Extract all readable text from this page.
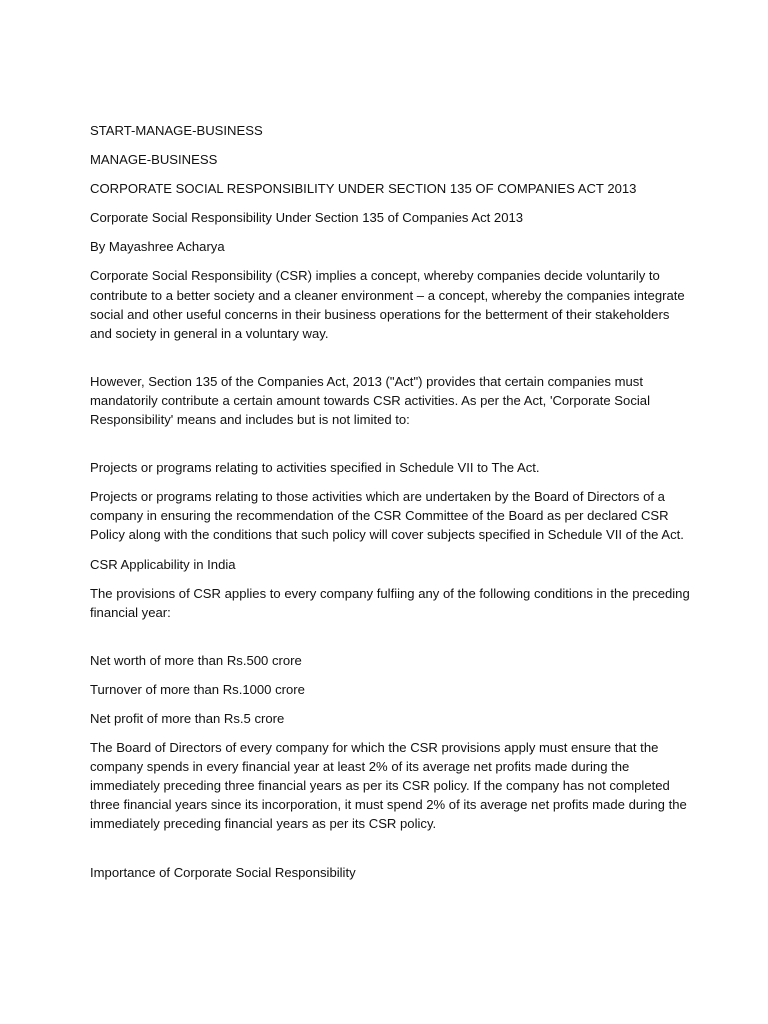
START-MANAGE-BUSINESS

MANAGE-BUSINESS

CORPORATE SOCIAL RESPONSIBILITY UNDER SECTION 135 OF COMPANIES ACT 2013

Corporate Social Responsibility Under Section 135 of Companies Act 2013

By Mayashree Acharya

Corporate Social Responsibility (CSR) implies a concept, whereby companies decide voluntarily to contribute to a better society and a cleaner environment – a concept, whereby the companies integrate social and other useful concerns in their business operations for the betterment of their stakeholders and society in general in a voluntary way.

However, Section 135 of the Companies Act, 2013 ("Act") provides that certain companies must mandatorily contribute a certain amount towards CSR activities. As per the Act, 'Corporate Social Responsibility' means and includes but is not limited to:

Projects or programs relating to activities specified in Schedule VII to The Act.

Projects or programs relating to those activities which are undertaken by the Board of Directors of a company in ensuring the recommendation of the CSR Committee of the Board as per declared CSR Policy along with the conditions that such policy will cover subjects specified in Schedule VII of the Act.

CSR Applicability in India

The provisions of CSR applies to every company fulfiing any of the following conditions in the preceding financial year:

Net worth of more than Rs.500 crore

Turnover of more than Rs.1000 crore

Net profit of more than Rs.5 crore

The Board of Directors of every company for which the CSR provisions apply must ensure that the company spends in every financial year at least 2% of its average net profits made during the immediately preceding three financial years as per its CSR policy. If the company has not completed three financial years since its incorporation, it must spend 2% of its average net profits made during the immediately preceding financial years as per its CSR policy.

Importance of Corporate Social Responsibility
